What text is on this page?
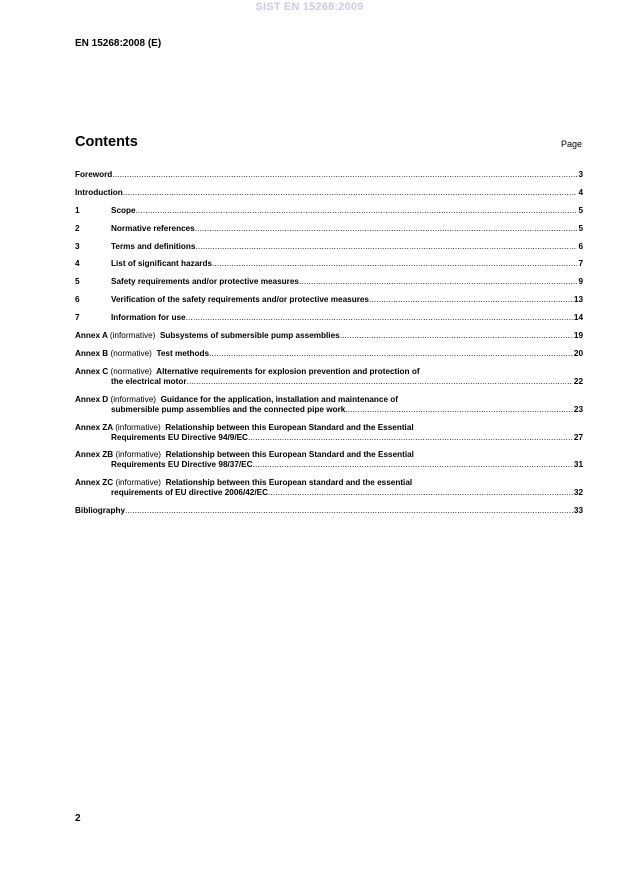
SIST EN 15268:2009
EN 15268:2008 (E)
Contents	Page
Foreword .....	3
Introduction .....	4
1	Scope .....	5
2	Normative references .....	5
3	Terms and definitions .....	6
4	List of significant hazards .....	7
5	Safety requirements and/or protective measures .....	9
6	Verification of the safety requirements and/or protective measures .....	13
7	Information for use .....	14
Annex A (informative) Subsystems of submersible pump assemblies .....	19
Annex B (normative) Test methods .....	20
Annex C (normative) Alternative requirements for explosion prevention and protection of
the electrical motor .....	22
Annex D (informative) Guidance for the application, installation and maintenance of
submersible pump assemblies and the connected pipe work .....	23
Annex ZA (informative) Relationship between this European Standard and the Essential
Requirements EU Directive 94/9/EC .....	27
Annex ZB (informative) Relationship between this European Standard and the Essential
Requirements EU Directive 98/37/EC .....	31
Annex ZC (informative) Relationship between this European standard and the essential
requirements of EU directive 2006/42/EC .....	32
Bibliography .....	33
2
